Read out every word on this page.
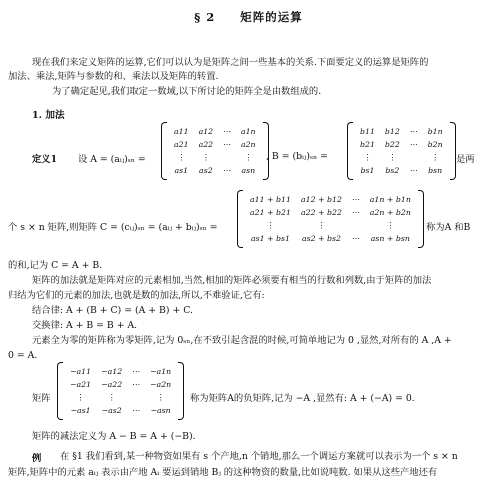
§ 2　　矩阵的运算
现在我们来定义矩阵的运算,它们可以认为是矩阵之间一些基本的关系.下面要定义的运算是矩阵的
加法、乘法,矩阵与参数的和、乘法以及矩阵的转置.
为了确定起见,我们取定一数域,以下所讨论的矩阵全是由数组成的.
1. 加法
定义1 设 A = (aᵢⱼ)ₛₙ =
a11	a12	⋯	a1n
a21	a22	⋯	a2n
⋮	⋮		⋮
as1	as2	⋯	asn
, B = (bᵢⱼ)ₛₙ =
b11	b12	⋯	b1n
b21	b22	⋯	b2n
⋮	⋮		⋮
bs1	bs2	⋯	bsn
是两
个 s × n 矩阵,则矩阵 C = (cᵢⱼ)ₛₙ = (aᵢⱼ + bᵢⱼ)ₛₙ =
a11 + b11	a12 + b12	⋯	a1n + b1n
a21 + b21	a22 + b22	⋯	a2n + b2n
⋮	⋮		⋮
as1 + bs1	as2 + bs2	⋯	asn + bsn
称为A 和B
的和,记为 C = A + B.
矩阵的加法就是矩阵对应的元素相加,当然,相加的矩阵必须要有相当的行数和列数,由于矩阵的加法
归结为它们的元素的加法,也就是数的加法,所以,不难验证,它有:
结合律: A + (B + C) = (A + B) + C.
交换律: A + B = B + A.
元素全为零的矩阵称为零矩阵,记为 0ₛₙ,在不致引起含混的时候,可简单地记为 0 ,显然,对所有的 A ,A +
0 = A.
矩阵
−a11	−a12	⋯	−a1n
−a21	−a22	⋯	−a2n
⋮	⋮		⋮
−as1	−as2	⋯	−asn
称为矩阵A的负矩阵,记为 −A ,显然有: A + (−A) = 0.
矩阵的减法定义为 A − B = A + (−B).
例 在 §1 我们看到,某一种物资如果有 s 个产地,n 个销地,那么一个调运方案就可以表示为一个 s × n
矩阵,矩阵中的元素 aᵢⱼ 表示由产地 Aᵢ 要运到销地 Bⱼ 的这种物资的数量,比如说吨数. 如果从这些产地还有
